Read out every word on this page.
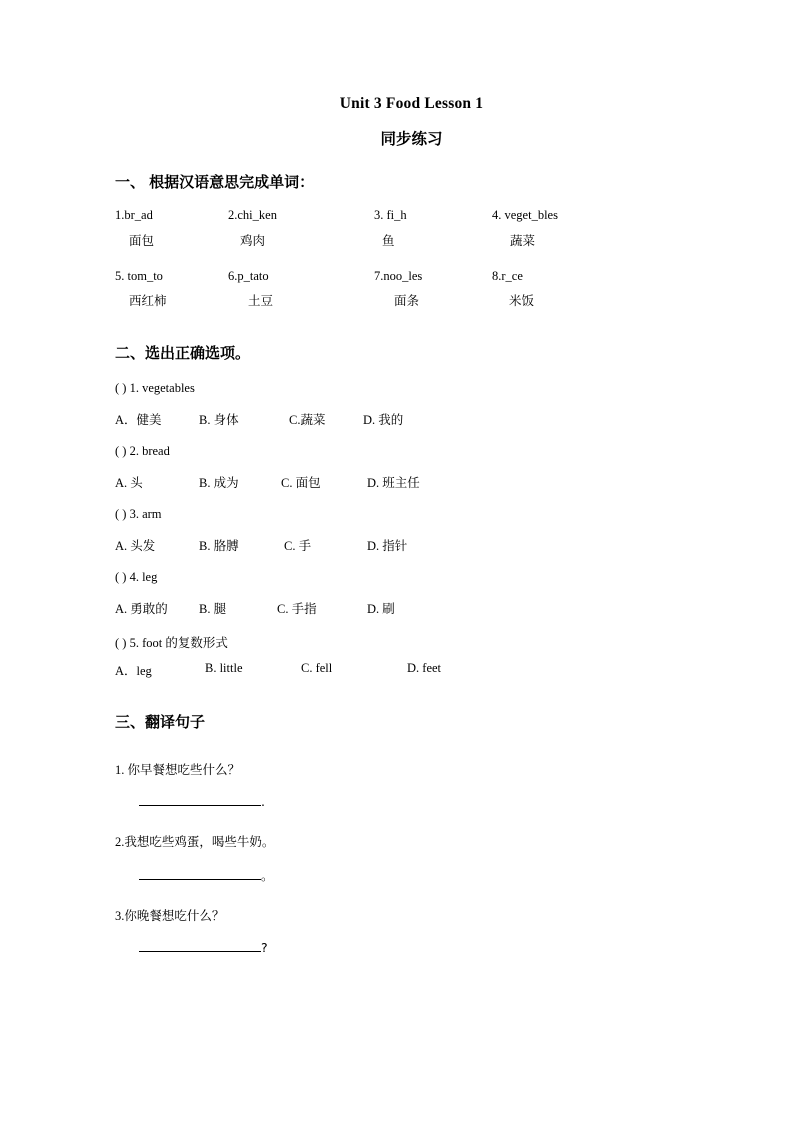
Unit 3 Food Lesson 1
同步练习
一、 根据汉语意思完成单词：
1.br_ad	2.chi_ken	3. fi_h	4. veget_bles
面包	鸡肉	鱼	蔬菜
5. tom_to	6.p_tato	7.noo_les	8.r_ce
西红柿	土豆	面条	米饭
二、选出正确选项。
( ) 1. vegetables
A．健美	B. 身体	C.蔬菜	D. 我的
( ) 2. bread
A. 头	B. 成为	C. 面包	D. 班主任
( ) 3. arm
A. 头发	B. 胳膊	C. 手	D. 指针
( ) 4. leg
A. 勇敢的	B. 腿	C. 手指	D. 刷
( ) 5. foot 的复数形式
A．leg	B. little	C. fell	D. feet
三、翻译句子
1. 你早餐想吃些什么？
.
2.我想吃些鸡蛋，喝些牛奶。
。
3.你晚餐想吃什么？
?
